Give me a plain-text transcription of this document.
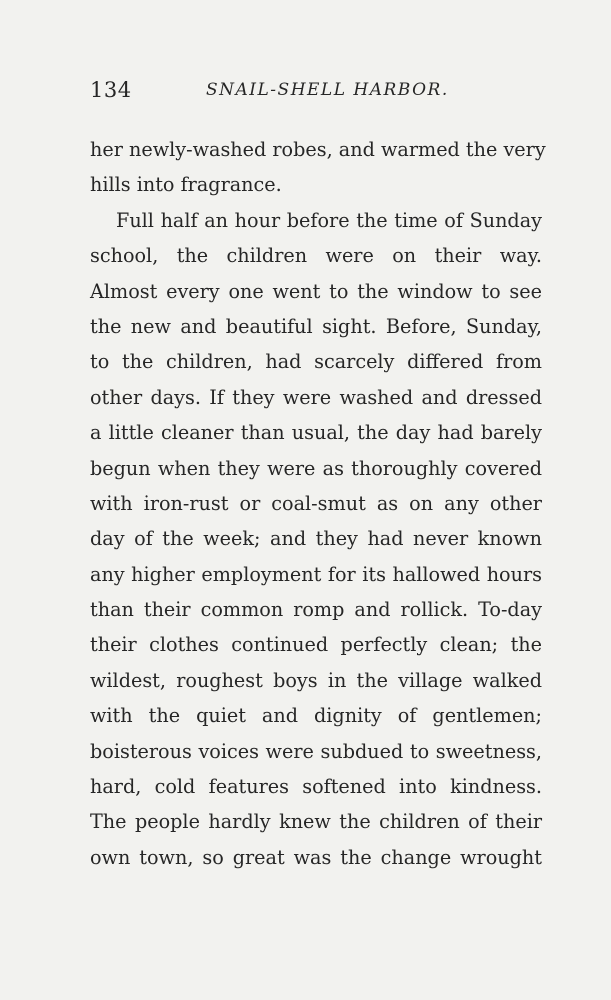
134	SNAIL-SHELL HARBOR.
her newly-washed robes, and warmed the very
hills into fragrance.
Full half an hour before the time of Sunday
school, the children were on their way.
Almost every one went to the window to see
the new and beautiful sight. Before, Sunday,
to the children, had scarcely differed from
other days. If they were washed and dressed
a little cleaner than usual, the day had barely
begun when they were as thoroughly covered
with iron-rust or coal-smut as on any other
day of the week; and they had never known
any higher employment for its hallowed hours
than their common romp and rollick. To-day
their clothes continued perfectly clean; the
wildest, roughest boys in the village walked
with the quiet and dignity of gentlemen;
boisterous voices were subdued to sweetness,
hard, cold features softened into kindness.
The people hardly knew the children of their
own town, so great was the change wrought
